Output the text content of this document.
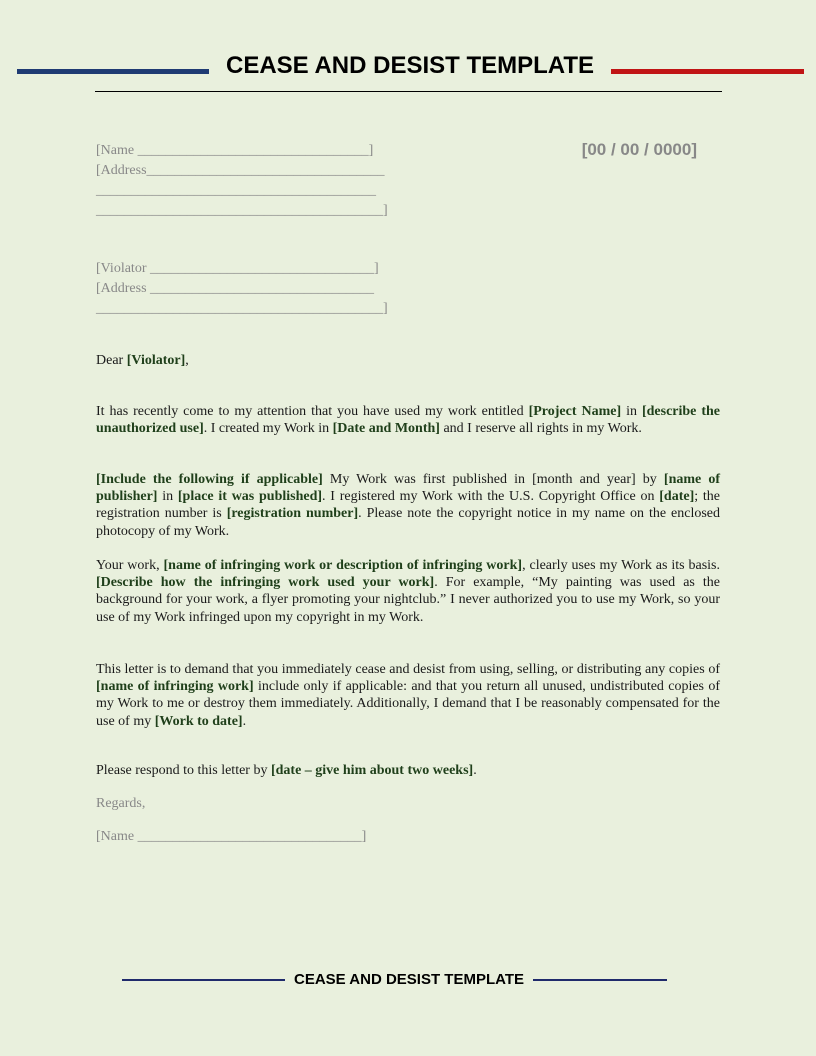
CEASE AND DESIST TEMPLATE
[Name _________________________________]
[Address__________________________________
________________________________________
_________________________________________]
[00 / 00 / 0000]
[Violator ________________________________]
[Address ________________________________
_________________________________________]
Dear [Violator],
It has recently come to my attention that you have used my work entitled [Project Name] in [describe the unauthorized use]. I created my Work in [Date and Month] and I reserve all rights in my Work.
[Include the following if applicable] My Work was first published in [month and year] by [name of publisher] in [place it was published]. I registered my Work with the U.S. Copyright Office on [date]; the registration number is [registration number]. Please note the copyright notice in my name on the enclosed photocopy of my Work.
Your work, [name of infringing work or description of infringing work], clearly uses my Work as its basis. [Describe how the infringing work used your work]. For example, “My painting was used as the background for your work, a flyer promoting your nightclub.” I never authorized you to use my Work, so your use of my Work infringed upon my copyright in my Work.
This letter is to demand that you immediately cease and desist from using, selling, or distributing any copies of [name of infringing work] include only if applicable: and that you return all unused, undistributed copies of my Work to me or destroy them immediately. Additionally, I demand that I be reasonably compensated for the use of my [Work to date].
Please respond to this letter by [date – give him about two weeks].
Regards,
[Name ________________________________]
CEASE AND DESIST TEMPLATE
